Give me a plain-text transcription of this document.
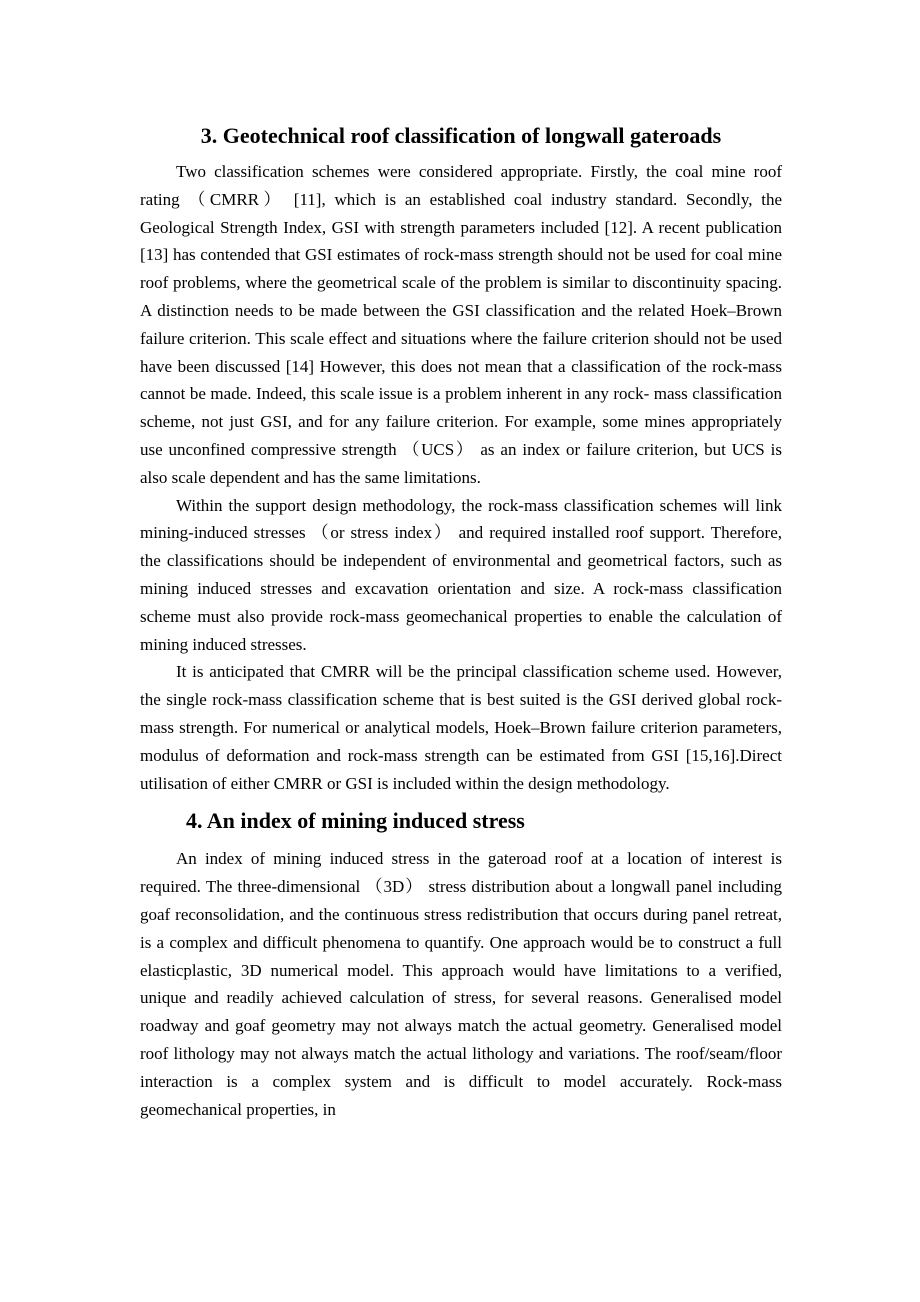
3. Geotechnical roof classification of longwall gateroads

Two classification schemes were considered appropriate. Firstly, the coal mine roof rating （CMRR） [11], which is an established coal industry standard. Secondly, the Geological Strength Index, GSI with strength parameters included [12]. A recent publication [13] has contended that GSI estimates of rock-mass strength should not be used for coal mine roof problems, where the geometrical scale of the problem is similar to discontinuity spacing. A distinction needs to be made between the GSI classification and the related Hoek–Brown failure criterion. This scale effect and situations where the failure criterion should not be used have been discussed [14] However, this does not mean that a classification of the rock-mass cannot be made. Indeed, this scale issue is a problem inherent in any rock- mass classification scheme, not just GSI, and for any failure criterion. For example, some mines appropriately use unconfined compressive strength （UCS） as an index or failure criterion, but UCS is also scale dependent and has the same limitations.

Within the support design methodology, the rock-mass classification schemes will link mining-induced stresses （or stress index） and required installed roof support. Therefore, the classifications should be independent of environmental and geometrical factors, such as mining induced stresses and excavation orientation and size. A rock-mass classification scheme must also provide rock-mass geomechanical properties to enable the calculation of mining induced stresses.

It is anticipated that CMRR will be the principal classification scheme used. However, the single rock-mass classification scheme that is best suited is the GSI derived global rock-mass strength. For numerical or analytical models, Hoek–Brown failure criterion parameters, modulus of deformation and rock-mass strength can be estimated from GSI [15,16].Direct utilisation of either CMRR or GSI is included within the design methodology.

4. An index of mining induced stress

An index of mining induced stress in the gateroad roof at a location of interest is required. The three-dimensional （3D） stress distribution about a longwall panel including goaf reconsolidation, and the continuous stress redistribution that occurs during panel retreat, is a complex and difficult phenomena to quantify. One approach would be to construct a full elasticplastic, 3D numerical model. This approach would have limitations to a verified, unique and readily achieved calculation of stress, for several reasons. Generalised model roadway and goaf geometry may not always match the actual geometry. Generalised model roof lithology may not always match the actual lithology and variations. The roof/seam/floor interaction is a complex system and is difficult to model accurately. Rock-mass geomechanical properties, in
